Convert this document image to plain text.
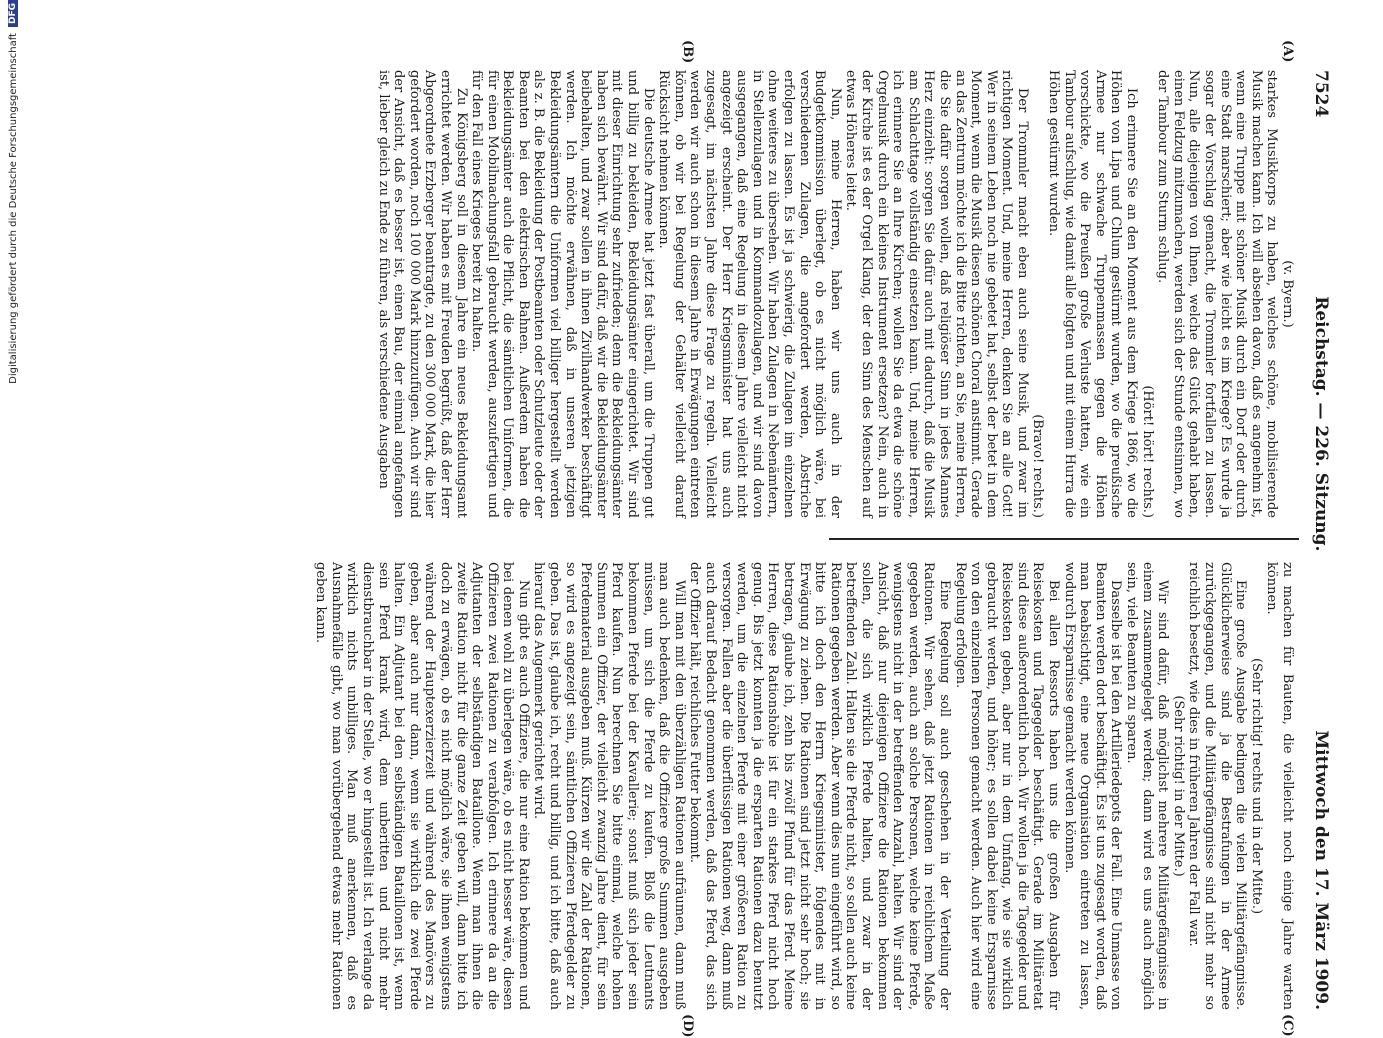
7524
Reichstag. — 226. Sitzung.
Mittwoch den 17. März 1909.

(v. Byern.)

starkes Musikkorps zu haben, welches schöne, mobilisierende Musik machen kann. Ich will absehen davon, daß es angenehm ist, wenn eine Truppe mit schöner Musik durch ein Dorf oder durch eine Stadt marschiert; aber wie leicht es im Kriege? Es wurde ja sogar der Vorschlag gemacht, die Trommler fortfallen zu lassen. Nun, alle diejenigen von Ihnen, welche das Glück gehabt haben, einen Feldzug mitzumachen, werden sich der Stunde entsinnen, wo der Tambour zum Sturm schlug.

(Hört! hört! rechts.)

Ich erinnere Sie an den Moment aus dem Kriege 1866, wo die Höhen von Lipa und Chlum gestürmt wurden, wo die preußische Armee nur schwache Truppenmassen gegen die Höhen vorschickte, wo die Preußen große Verluste hatten, wie ein Tambour aufschlug, wie damit alle folgten und mit einem Hurra die Höhen gestürmt wurden.

(Bravo! rechts.)

Der Trommler macht eben auch seine Musik, und zwar im richtigen Moment. Und, meine Herren, denken Sie an alle Gott! Wer in seinem Leben noch nie gebetet hat, selbst der betet in dem Moment, wenn die Musik diesen schönen Choral anstimmt. Gerade an das Zentrum möchte ich die Bitte richten, an Sie, meine Herren, die Sie dafür sorgen wollen, daß religiöser Sinn in jedes Mannes Herz einzieht: sorgen Sie dafür auch mit dadurch, daß die Musik am Schlachttage vollständig einsetzen kann. Und, meine Herren, ich erinnere Sie an Ihre Kirchen; wollen Sie da etwa die schöne Orgelmusik durch ein kleines Instrument ersetzen? Nein, auch in der Kirche ist es der Orgel Klang, der den Sinn des Menschen auf etwas Höheres leitet.

Nun, meine Herren, haben wir uns auch in der Budgetkommission überlegt, ob es nicht möglich wäre, bei verschiedenen Zulagen, die angefordert werden, Abstriche erfolgen zu lassen. Es ist ja schwierig, die Zulagen im einzelnen ohne weiteres zu übersehen. Wir haben Zulagen in Nebenämtern, in Stellenzulagen und in Kommandozulagen, und wir sind davon ausgegangen, daß eine Regelung in diesem Jahre vielleicht nicht angezeigt erscheint. Der Herr Kriegsminister hat uns auch zugesagt, im nächsten Jahre diese Frage zu regeln. Vielleicht werden wir auch schon in diesem Jahre in Erwägungen eintreten können, ob wir bei Regelung der Gehälter vielleicht darauf Rücksicht nehmen können.

Die deutsche Armee hat jetzt fast überall, um die Truppen gut und billig zu bekleiden, Bekleidungsämter eingerichtet. Wir sind mit dieser Einrichtung sehr zufrieden; denn die Bekleidungsämter haben sich bewährt. Wir sind dafür, daß wir die Bekleidungsämter beibehalten, und zwar sollen in ihnen Zivilhandwerker beschäftigt werden. Ich möchte erwähnen, daß in unseren jetzigen Bekleidungsämtern die Uniformen viel billiger hergestellt werden als z. B. die Bekleidung der Postbeamten oder Schutzleute oder der Beamten bei den elektrischen Bahnen. Außerdem haben die Bekleidungsämter auch die Pflicht, die sämtlichen Uniformen, die für einen Mobilmachungsfall gebraucht werden, auszufertigen und für den Fall eines Krieges bereit zu halten.

Zu Königsberg soll in diesem Jahre ein neues Bekleidungsamt errichtet werden. Wir haben es mit Freuden begrüßt, daß der Herr Abgeordnete Erzberger beantragte, zu den 300 000 Mark, die hier gefordert worden, noch 100 000 Mark hinzuzufügen. Auch wir sind der Ansicht, daß es besser ist, einen Bau, der einmal angefangen ist, lieber gleich zu Ende zu führen, als verschiedene Ausgaben

zu machen für Bauten, die vielleicht noch einige Jahre warten können.

(Sehr richtig! rechts und in der Mitte.)

Eine große Ausgabe bedingen die vielen Militärgefängnisse. Glücklicherweise sind ja die Bestrafungen in der Armee zurückgegangen, und die Militärgefängnisse sind nicht mehr so reichlich besetzt, wie dies in früheren Jahren der Fall war.

(Sehr richtig! in der Mitte.)

Wir sind dafür, daß möglichst mehrere Militärgefängnisse in einem zusammengelegt werden; dann wird es uns auch möglich sein, viele Beamten zu sparen.

Dasselbe ist bei den Artilleriedepots der Fall. Eine Unmasse von Beamten werden dort beschäftigt. Es ist uns zugesagt worden, daß man beabsichtigt, eine neue Organisation eintreten zu lassen, wodurch Ersparnisse gemacht werden können.

Bei allen Ressorts haben uns die großen Ausgaben für Reisekosten und Tagegelder beschäftigt. Gerade im Militäretat sind diese außerordentlich hoch. Wir wollen ja die Tagegelder und Reisekosten geben, aber nur in dem Umfang, wie sie wirklich gebraucht werden, und höher; es sollen dabei keine Ersparnisse von den einzelnen Personen gemacht werden. Auch hier wird eine Regelung erfolgen.

Eine Regelung soll auch geschehen in der Verteilung der Rationen. Wir sehen, daß jetzt Rationen in reichlichem Maße gegeben werden, auch an solche Personen, welche keine Pferde, wenigstens nicht in der betreffenden Anzahl, halten. Wir sind der Ansicht, daß nur diejenigen Offiziere die Rationen bekommen sollen, die sich wirklich Pferde halten, und zwar in der betreffenden Zahl. Halten sie die Pferde nicht, so sollen auch keine Rationen gegeben werden. Aber wenn dies nun eingeführt wird, so bitte ich doch den Herrn Kriegsminister, folgendes mit in Erwägung zu ziehen. Die Rationen sind jetzt nicht sehr hoch; sie betragen, glaube ich, zehn bis zwölf Pfund für das Pferd. Meine Herren, diese Rationshöhe ist für ein starkes Pferd nicht hoch genug. Bis jetzt konnten ja die ersparten Rationen dazu benutzt werden, um die einzelnen Pferde mit einer größeren Ration zu versorgen. Fallen aber die überflüssigen Rationen weg, dann muß auch darauf Bedacht genommen werden, daß das Pferd, das sich der Offizier hält, reichliches Futter bekommt.

Will man mit den überzähligen Rationen aufräumen, dann muß man auch bedenken, daß die Offiziere große Summen ausgeben müssen, um sich die Pferde zu kaufen. Bloß die Leutnants bekommen Pferde bei der Kavallerie; sonst muß sich jeder sein Pferd kaufen. Nun berechnen Sie bitte einmal, welche hohen Summen ein Offizier, der vielleicht zwanzig Jahre dient, für sein Pferdematerial ausgeben muß. Kürzen wir die Zahl der Rationen, so wird es angezeigt sein, sämtlichen Offizieren Pferdegelder zu geben. Das ist, glaube ich, recht und billig, und ich bitte, daß auch hierauf das Augenmerk gerichtet wird.

Nun gibt es auch Offiziere, die nur eine Ration bekommen und bei denen wohl zu überlegen wäre, ob es nicht besser wäre, diesen Offizieren zwei Rationen zu verabfolgen. Ich erinnere da an die Adjutanten der selbständigen Bataillone. Wenn man ihnen die zweite Ration nicht für die ganze Zeit geben will, dann bitte ich doch zu erwägen, ob es nicht möglich wäre, sie ihnen wenigstens während der Hauptexerzierzeit und während des Manövers zu geben, aber auch nur dann, wenn sie wirklich die zwei Pferde halten. Ein Adjutant bei den selbständigen Bataillonen ist, wenn sein Pferd krank wird, dem unberitten und nicht mehr dienstbrauchbar in der Stelle, wo er hingestellt ist. Ich verlange da wirklich nichts unbilliges. Man muß anerkennen, daß es Ausnahmefälle gibt, wo man vorübergehend etwas mehr Rationen geben kann.

(A)
(B)
(C)
(D)
Digitalisierung gefördert durch die Deutsche Forschungsgemeinschaft
DFG
